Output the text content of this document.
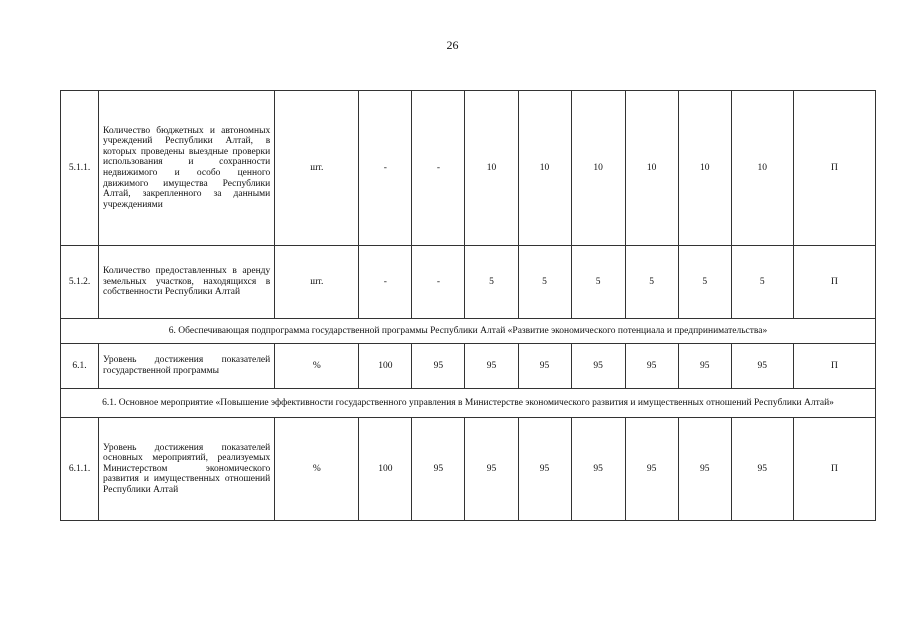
26
5.1.1.	Количество бюджетных и автономных учреждений Республики Алтай, в которых проведены выездные проверки использования и сохранности недвижимого и особо ценного движимого имущества Республики Алтай, закрепленного за данными учреждениями	шт.	-	-	10	10	10	10	10	10	П
5.1.2.	Количество предоставленных в аренду земельных участков, находящихся в собственности Республики Алтай	шт.	-	-	5	5	5	5	5	5	П
6. Обеспечивающая подпрограмма государственной программы Республики Алтай «Развитие экономического потенциала и предпринимательства»											
6.1.	Уровень достижения показателей государственной программы	%	100	95	95	95	95	95	95	95	П
6.1. Основное мероприятие «Повышение эффективности государственного управления в Министерстве экономического развития и имущественных отношений Республики Алтай»											
6.1.1.	Уровень достижения показателей основных мероприятий, реализуемых Министерством экономического развития и имущественных отношений Республики Алтай	%	100	95	95	95	95	95	95	95	П
